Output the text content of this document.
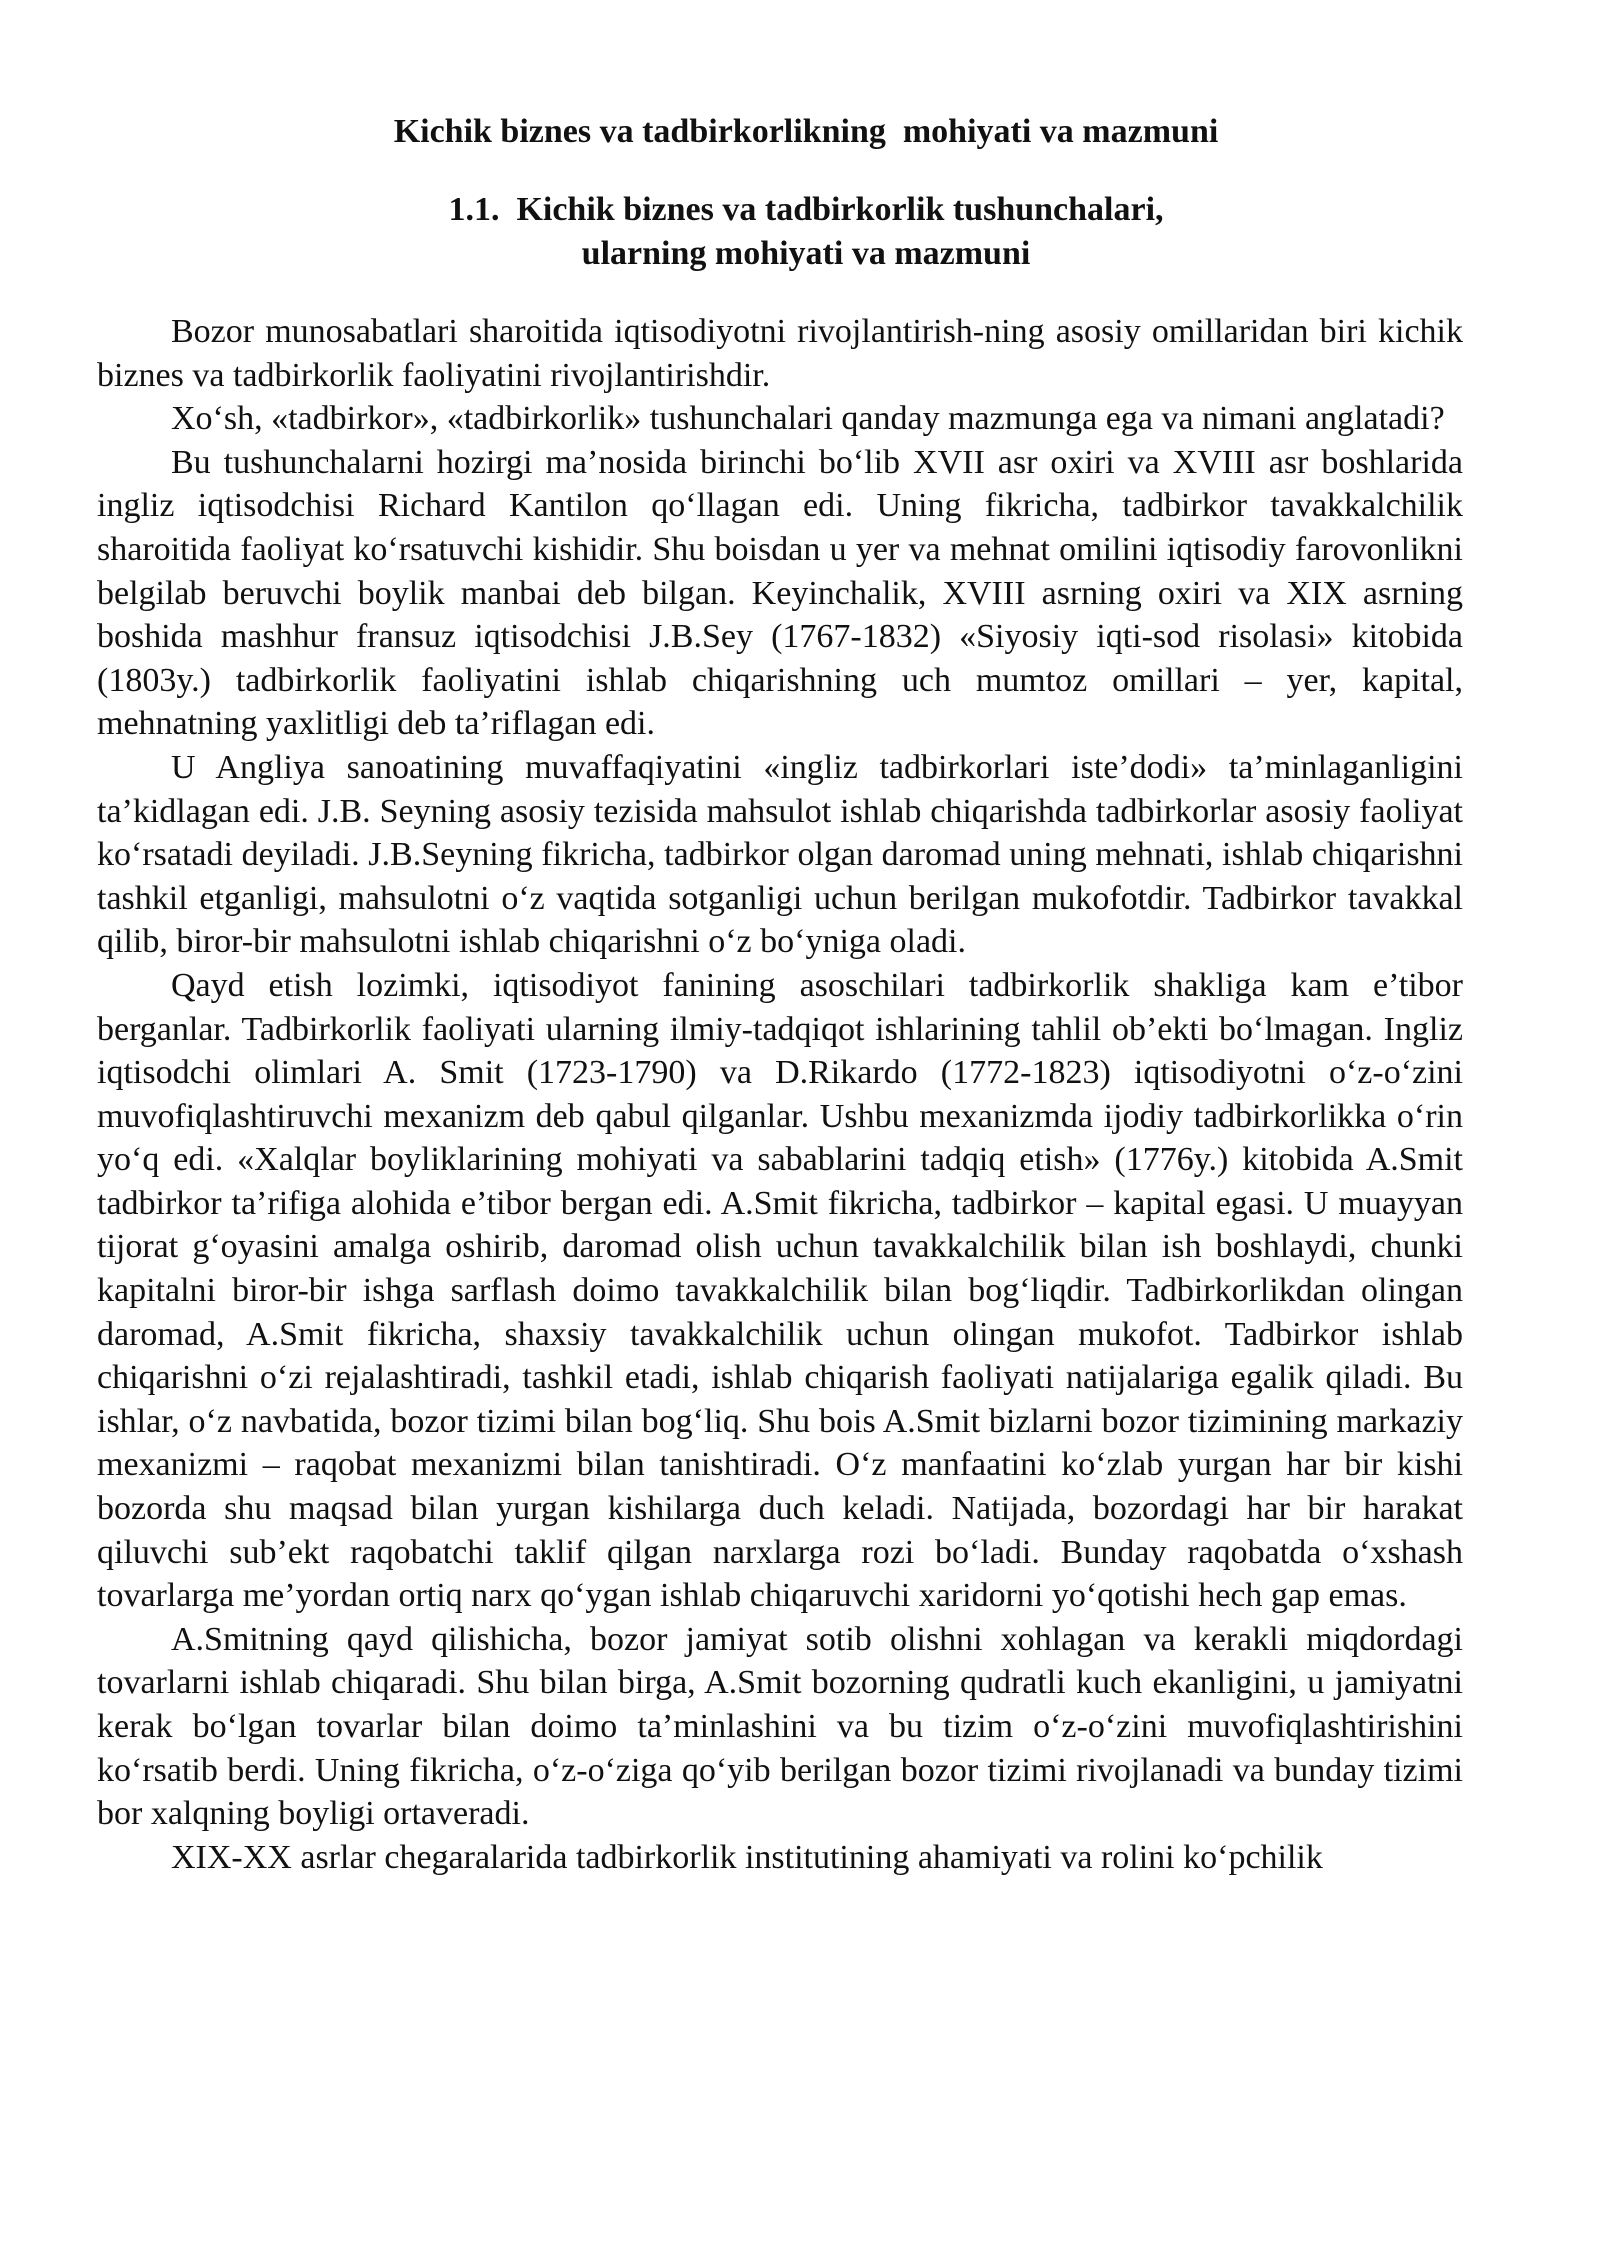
Kichik biznes va tadbirkorlikning  mohiyati va mazmuni
1.1. Kichik biznes va tadbirkorlik tushunchalari,
ularning mohiyati va mazmuni

Bozor munosabatlari sharoitida iqtisodiyotni rivojlantirish-ning asosiy omillaridan biri kichik biznes va tadbirkorlik faoliyatini rivojlantirishdir.

Xo‘sh, «tadbirkor», «tadbirkorlik» tushunchalari qanday mazmunga ega va nimani anglatadi?

Bu tushunchalarni hozirgi ma’nosida birinchi bo‘lib XVII asr oxiri va XVIII asr boshlarida ingliz iqtisodchisi Richard Kantilon qo‘llagan edi. Uning fikricha, tadbirkor tavakkalchilik sharoitida faoliyat ko‘rsatuvchi kishidir. Shu boisdan u yer va mehnat omilini iqtisodiy farovonlikni belgilab beruvchi boylik manbai deb bilgan. Keyinchalik, XVIII asrning oxiri va XIX asrning boshida mashhur fransuz iqtisodchisi J.B.Sey (1767-1832) «Siyosiy iqti-sod risolasi» kitobida (1803y.) tadbirkorlik faoliyatini ishlab chiqarishning uch mumtoz omillari – yer, kapital, mehnatning yaxlitligi deb ta’riflagan edi.

U Angliya sanoatining muvaffaqiyatini «ingliz tadbirkorlari iste’dodi» ta’minlaganligini ta’kidlagan edi. J.B. Seyning asosiy tezisida mahsulot ishlab chiqarishda tadbirkorlar asosiy faoliyat ko‘rsatadi deyiladi. J.B.Seyning fikricha, tadbirkor olgan daromad uning mehnati, ishlab chiqarishni tashkil etganligi, mahsulotni o‘z vaqtida sotganligi uchun berilgan mukofotdir. Tadbirkor tavakkal qilib, biror-bir mahsulotni ishlab chiqarishni o‘z bo‘yniga oladi.

Qayd etish lozimki, iqtisodiyot fanining asoschilari tadbirkorlik shakliga kam e’tibor berganlar. Tadbirkorlik faoliyati ularning ilmiy-tadqiqot ishlarining tahlil ob’ekti bo‘lmagan. Ingliz iqtisodchi olimlari A. Smit (1723-1790) va D.Rikardo (1772-1823) iqtisodiyotni o‘z-o‘zini muvofiqlashtiruvchi mexanizm deb qabul qilganlar. Ushbu mexanizmda ijodiy tadbirkorlikka o‘rin yo‘q edi. «Xalqlar boyliklarining mohiyati va sabablarini tadqiq etish» (1776y.) kitobida A.Smit tadbirkor ta’rifiga alohida e’tibor bergan edi. A.Smit fikricha, tadbirkor – kapital egasi. U muayyan tijorat g‘oyasini amalga oshirib, daromad olish uchun tavakkalchilik bilan ish boshlaydi, chunki kapitalni biror-bir ishga sarflash doimo tavakkalchilik bilan bog‘liqdir. Tadbirkorlikdan olingan daromad, A.Smit fikricha, shaxsiy tavakkalchilik uchun olingan mukofot. Tadbirkor ishlab chiqarishni o‘zi rejalashtiradi, tashkil etadi, ishlab chiqarish faoliyati natijalariga egalik qiladi. Bu ishlar, o‘z navbatida, bozor tizimi bilan bog‘liq. Shu bois A.Smit bizlarni bozor tizimining markaziy mexanizmi – raqobat mexanizmi bilan tanishtiradi. O‘z manfaatini ko‘zlab yurgan har bir kishi bozorda shu maqsad bilan yurgan kishilarga duch keladi. Natijada, bozordagi har bir harakat qiluvchi sub’ekt raqobatchi taklif qilgan narxlarga rozi bo‘ladi. Bunday raqobatda o‘xshash tovarlarga me’yordan ortiq narx qo‘ygan ishlab chiqaruvchi xaridorni yo‘qotishi hech gap emas.

A.Smitning qayd qilishicha, bozor jamiyat sotib olishni xohlagan va kerakli miqdordagi tovarlarni ishlab chiqaradi. Shu bilan birga, A.Smit bozorning qudratli kuch ekanligini, u jamiyatni kerak bo‘lgan tovarlar bilan doimo ta’minlashini va bu tizim o‘z-o‘zini muvofiqlashtirishini ko‘rsatib berdi. Uning fikricha, o‘z-o‘ziga qo‘yib berilgan bozor tizimi rivojlanadi va bunday tizimi bor xalqning boyligi ortaveradi.

XIX-XX asrlar chegaralarida tadbirkorlik institutining ahamiyati va rolini ko‘pchilik
